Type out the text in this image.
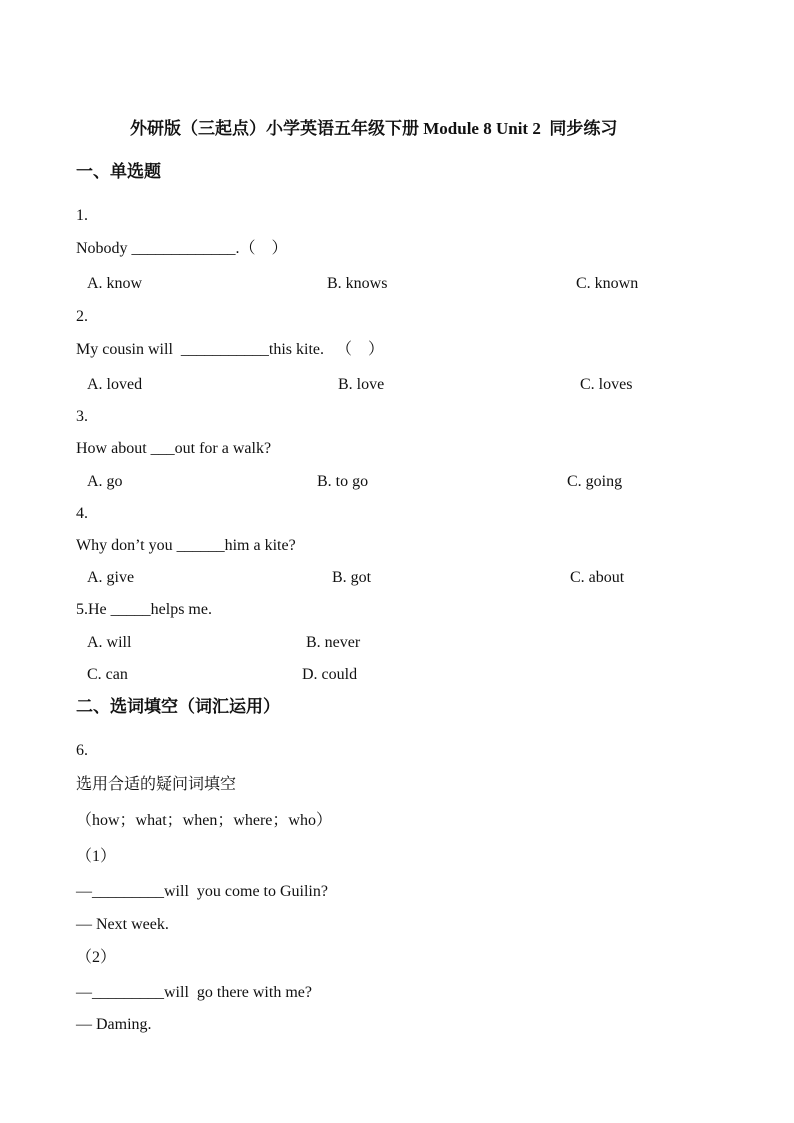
外研版（三起点）小学英语五年级下册 Module 8 Unit 2  同步练习
一、单选题
1.
Nobody _____________.（    ）
A. know	B. knows	C. known
2.
My cousin will  ___________this kite.   （    ）
A. loved	B. love	C. loves
3.
How about ___out for a walk?
A. go	B. to go	C. going
4.
Why don’t you ______him a kite?
A. give	B. got	C. about
5.He _____helps me.
A. will	B. never
C. can	D. could
二、选词填空（词汇运用）
6.
选用合适的疑问词填空
（how；what；when；where；who）
（1）
—_________will  you come to Guilin?
— Next week.
（2）
—_________will  go there with me?
— Daming.
